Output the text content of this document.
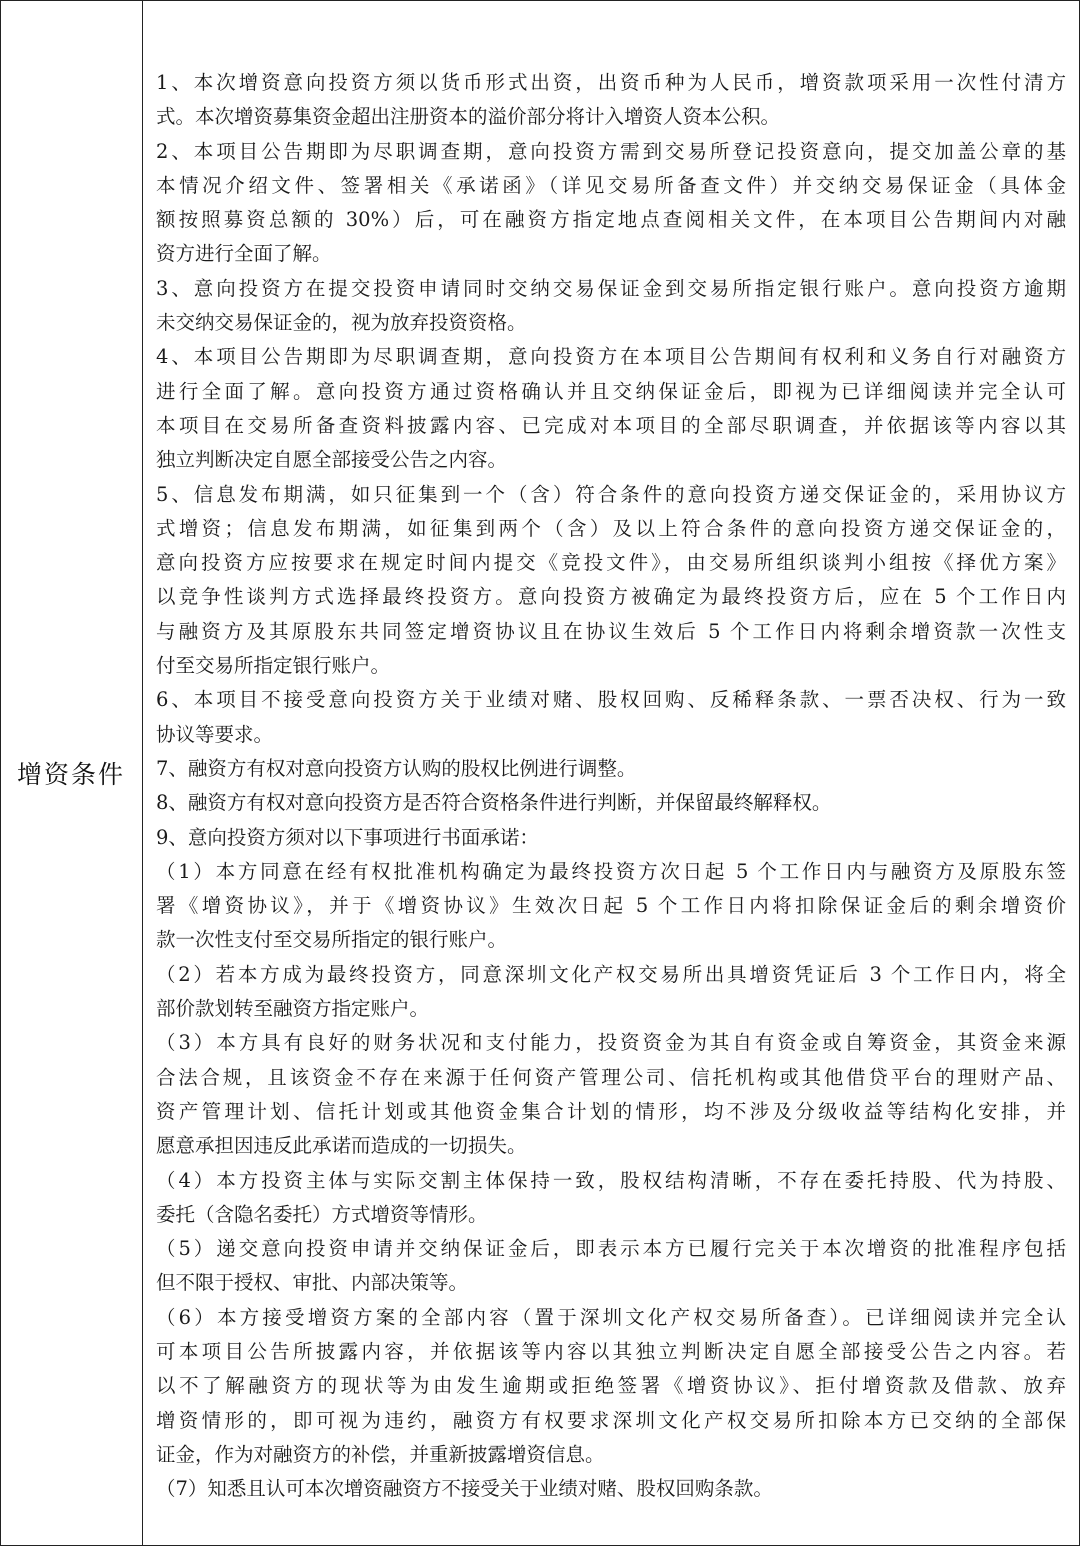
增资条件
1、本次增资意向投资方须以货币形式出资，出资币种为人民币，增资款项采用一次性付清方
式。本次增资募集资金超出注册资本的溢价部分将计入增资人资本公积。
2、本项目公告期即为尽职调查期，意向投资方需到交易所登记投资意向，提交加盖公章的基
本情况介绍文件、签署相关《承诺函》（详见交易所备查文件）并交纳交易保证金（具体金
额按照募资总额的 30%）后，可在融资方指定地点查阅相关文件，在本项目公告期间内对融
资方进行全面了解。
3、意向投资方在提交投资申请同时交纳交易保证金到交易所指定银行账户。意向投资方逾期
未交纳交易保证金的，视为放弃投资资格。
4、本项目公告期即为尽职调查期，意向投资方在本项目公告期间有权利和义务自行对融资方
进行全面了解。意向投资方通过资格确认并且交纳保证金后，即视为已详细阅读并完全认可
本项目在交易所备查资料披露内容、已完成对本项目的全部尽职调查，并依据该等内容以其
独立判断决定自愿全部接受公告之内容。
5、信息发布期满，如只征集到一个（含）符合条件的意向投资方递交保证金的，采用协议方
式增资；信息发布期满，如征集到两个（含）及以上符合条件的意向投资方递交保证金的，
意向投资方应按要求在规定时间内提交《竞投文件》，由交易所组织谈判小组按《择优方案》
以竞争性谈判方式选择最终投资方。意向投资方被确定为最终投资方后，应在 5 个工作日内
与融资方及其原股东共同签定增资协议且在协议生效后 5 个工作日内将剩余增资款一次性支
付至交易所指定银行账户。
6、本项目不接受意向投资方关于业绩对赌、股权回购、反稀释条款、一票否决权、行为一致
协议等要求。
7、融资方有权对意向投资方认购的股权比例进行调整。
8、融资方有权对意向投资方是否符合资格条件进行判断，并保留最终解释权。
9、意向投资方须对以下事项进行书面承诺：
（1）本方同意在经有权批准机构确定为最终投资方次日起 5 个工作日内与融资方及原股东签
署《增资协议》，并于《增资协议》生效次日起 5 个工作日内将扣除保证金后的剩余增资价
款一次性支付至交易所指定的银行账户。
（2）若本方成为最终投资方，同意深圳文化产权交易所出具增资凭证后 3 个工作日内，将全
部价款划转至融资方指定账户。
（3）本方具有良好的财务状况和支付能力，投资资金为其自有资金或自筹资金，其资金来源
合法合规，且该资金不存在来源于任何资产管理公司、信托机构或其他借贷平台的理财产品、
资产管理计划、信托计划或其他资金集合计划的情形，均不涉及分级收益等结构化安排，并
愿意承担因违反此承诺而造成的一切损失。
（4）本方投资主体与实际交割主体保持一致，股权结构清晰，不存在委托持股、代为持股、
委托（含隐名委托）方式增资等情形。
（5）递交意向投资申请并交纳保证金后，即表示本方已履行完关于本次增资的批准程序包括
但不限于授权、审批、内部决策等。
（6）本方接受增资方案的全部内容（置于深圳文化产权交易所备查）。已详细阅读并完全认
可本项目公告所披露内容，并依据该等内容以其独立判断决定自愿全部接受公告之内容。若
以不了解融资方的现状等为由发生逾期或拒绝签署《增资协议》、拒付增资款及借款、放弃
增资情形的，即可视为违约，融资方有权要求深圳文化产权交易所扣除本方已交纳的全部保
证金，作为对融资方的补偿，并重新披露增资信息。
（7）知悉且认可本次增资融资方不接受关于业绩对赌、股权回购条款。
